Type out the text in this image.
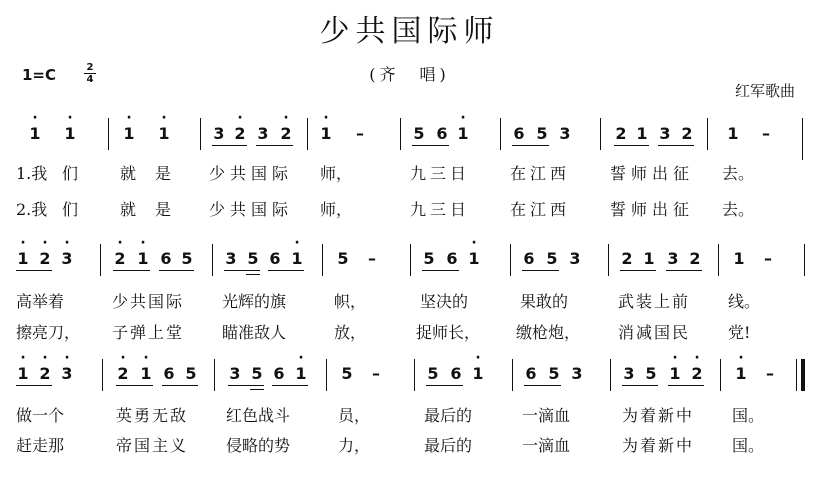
少共国际师
(齐　唱)
1=C	2
4
红军歌曲
·
1
·
1
·
1
·
1	3
·
2 3
·
2
·
1 –	5 6
·
1	6 5 3	2 1 3 2 1 –
1.我 们	就 是 少共国际 师，	九三日 在江西 誓师出征 去。
2.我 们	就 是 少共国际 师，	九三日 在江西 誓师出征 去。
·
1
·
2
·
3
·
2
·
1 6 5 3 5 6
·
1 5 –	5 6
·
1	6 5 3	2 1 3 2 1 –
高举着	少共国际 光辉的旗	帜，	坚决的	果敢的	武装上前 线。
擦亮刀， 子弹上堂 瞄准敌人	放，	捉师长， 缴枪炮， 消减国民 党!
·
1
·
2
·
3
·
2
·
1 6 5 3 5 6
·
1 5 –	5 6
·
1	6 5 3	3 5
·
1
·
2
·
1 –
做一个	英勇无敌 红色战斗	员，	最后的	一滴血	为着新中 国。
赶走那	帝国主义 侵略的势	力，	最后的	一滴血	为着新中 国。
